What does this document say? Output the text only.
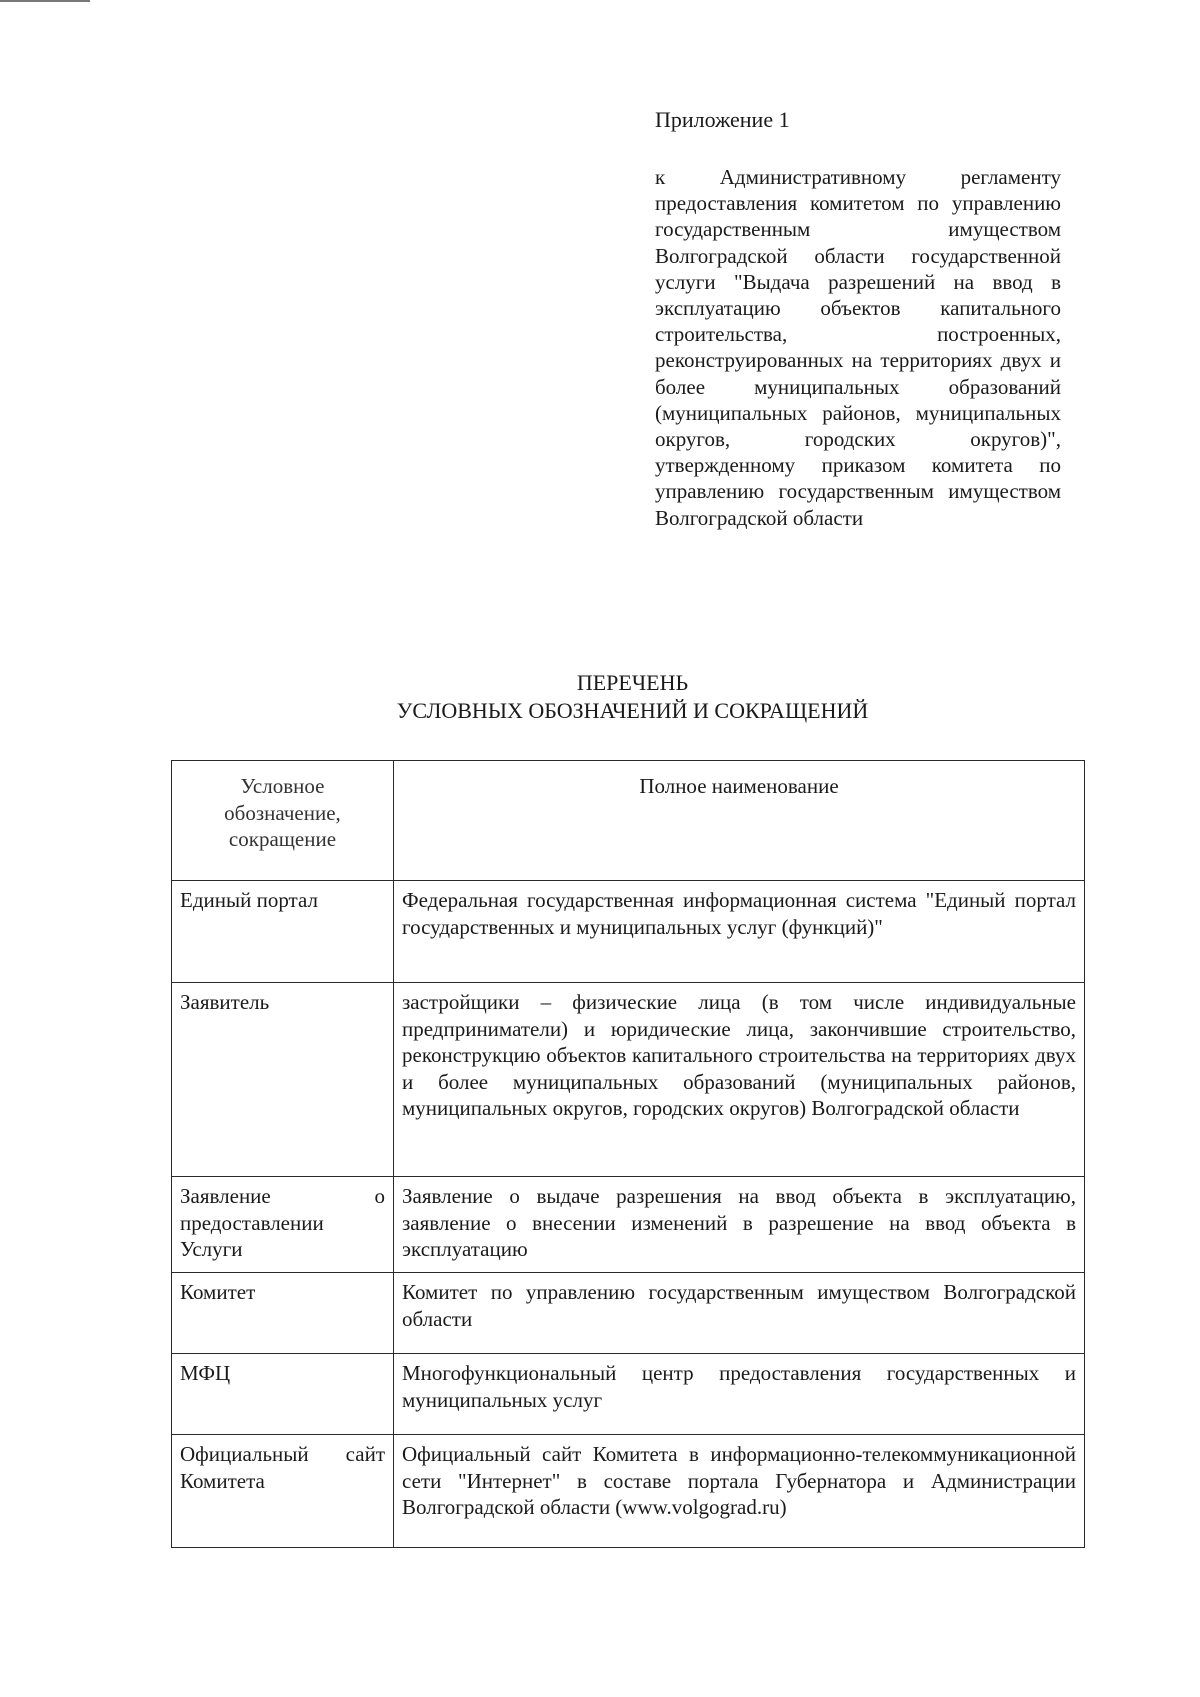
Приложение 1

к Административному регламенту предоставления комитетом по управлению государственным имуществом Волгоградской области государственной услуги "Выдача разрешений на ввод в эксплуатацию объектов капитального строительства, построенных, реконструированных на территориях двух и более муниципальных образований (муниципальных районов, муниципальных округов, городских округов)", утвержденному приказом комитета по управлению государственным имуществом Волгоградской области

ПЕРЕЧЕНЬ
УСЛОВНЫХ ОБОЗНАЧЕНИЙ И СОКРАЩЕНИЙ
Условное обозначение, сокращение	Полное наименование
Единый портал	Федеральная государственная информационная система "Единый портал государственных и муниципальных услуг (функций)"
Заявитель	застройщики – физические лица (в том числе индивидуальные предприниматели) и юридические лица, закончившие строительство, реконструкцию объектов капитального строительства на территориях двух и более муниципальных образований (муниципальных районов, муниципальных округов, городских округов) Волгоградской области
Заявление о предоставлении Услуги	Заявление о выдаче разрешения на ввод объекта в эксплуатацию, заявление о внесении изменений в разрешение на ввод объекта в эксплуатацию
Комитет	Комитет по управлению государственным имуществом Волгоградской области
МФЦ	Многофункциональный центр предоставления государственных и муниципальных услуг
Официальный сайт Комитета	Официальный сайт Комитета в информационно-телекоммуникационной сети "Интернет" в составе портала Губернатора и Администрации Волгоградской области (www.volgograd.ru)
